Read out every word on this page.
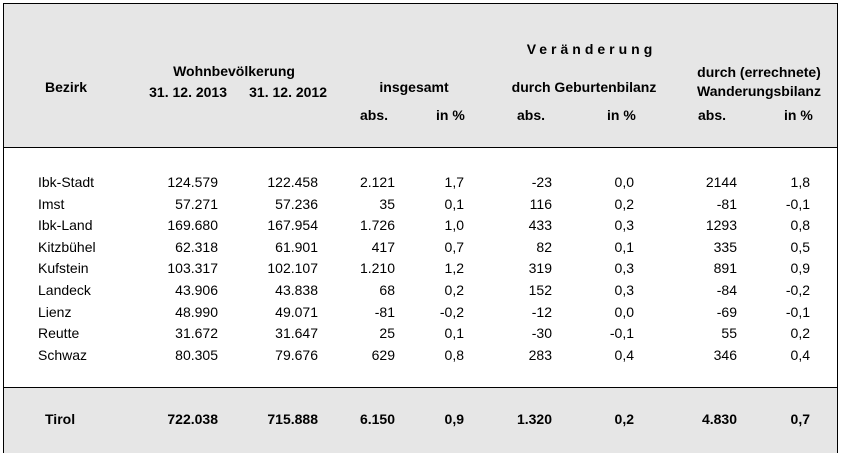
Bezirk
Wohnbevölkerung
31. 12. 2013	31. 12. 2012
Veränderung
insgesamt	durch Geburtenbilanz
durch (errechnete)
Wanderungsbilanz
abs.	in %	abs.	in %	abs.	in %
Ibk-Stadt	124.579	122.458	2.121	1,7	-23	0,0	2144	1,8
Imst	57.271	57.236	35	0,1	116	0,2	-81	-0,1
Ibk-Land	169.680	167.954	1.726	1,0	433	0,3	1293	0,8
Kitzbühel	62.318	61.901	417	0,7	82	0,1	335	0,5
Kufstein	103.317	102.107	1.210	1,2	319	0,3	891	0,9
Landeck	43.906	43.838	68	0,2	152	0,3	-84	-0,2
Lienz	48.990	49.071	-81	-0,2	-12	0,0	-69	-0,1
Reutte	31.672	31.647	25	0,1	-30	-0,1	55	0,2
Schwaz	80.305	79.676	629	0,8	283	0,4	346	0,4
Tirol	722.038	715.888	6.150	0,9	1.320	0,2	4.830	0,7
